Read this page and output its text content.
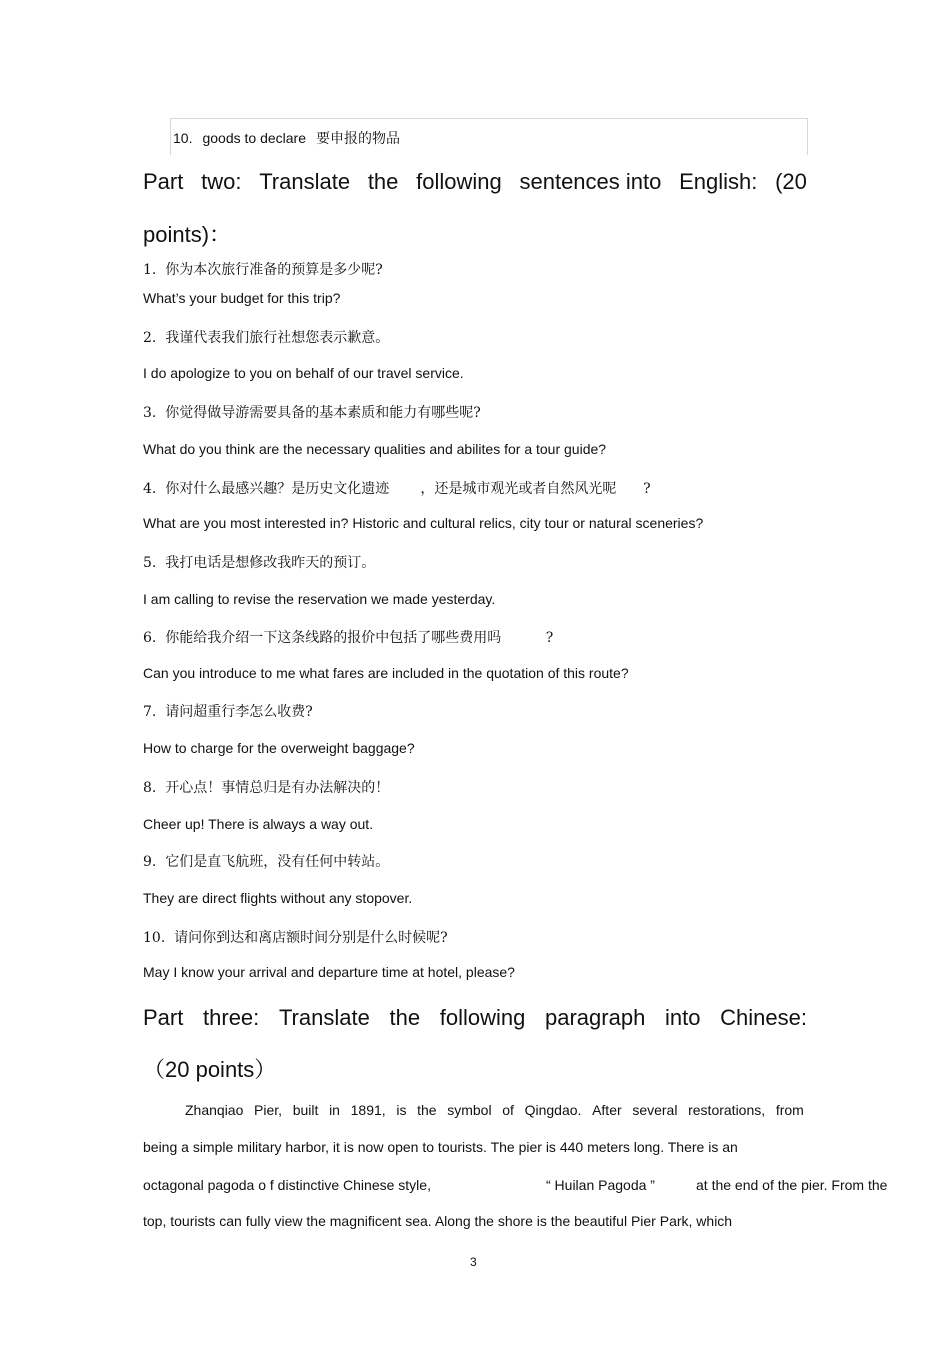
10. goods to declare 要申报的物品
Part two: Translate the following sentences into English: (20
points)：
1.  你为本次旅行准备的预算是多少呢?
What’s your budget for this trip?
2.  我谨代表我们旅行社想您表示歉意。
I do apologize to you on behalf of our travel service.
3.  你觉得做导游需要具备的基本素质和能力有哪些呢?
What do you think are the necessary qualities and abilites for a tour guide?
4.  你对什么最感兴趣？是历史文化遗迹       ，还是城市观光或者自然风光呢      ?
What are you most interested in? Historic and cultural relics, city tour or natural sceneries?
5.  我打电话是想修改我昨天的预订。
I am calling to revise the reservation we made yesterday.
6.  你能给我介绍一下这条线路的报价中包括了哪些费用吗          ?
Can you introduce to me what fares are included in the quotation of this route?
7.  请问超重行李怎么收费?
How to charge for the overweight baggage?
8.  开心点！事情总归是有办法解决的！
Cheer up! There is always a way out.
9.  它们是直飞航班，没有任何中转站。
They are direct flights without any stopover.
10.  请问你到达和离店额时间分别是什么时候呢?
May I know your arrival and departure time at hotel, please?
Part three: Translate the following paragraph into Chinese:
（20 points）
Zhanqiao Pier, built in 1891, is the symbol of Qingdao. After several restorations, from
being a simple military harbor, it is now open to tourists. The pier is 440 meters long. There is an
octagonal pagoda o f distinctive Chinese style,	“ Huilan Pagoda ”	at the end of the pier. From the
top, tourists can fully view the magnificent sea. Along the shore is the beautiful Pier Park, which
3
